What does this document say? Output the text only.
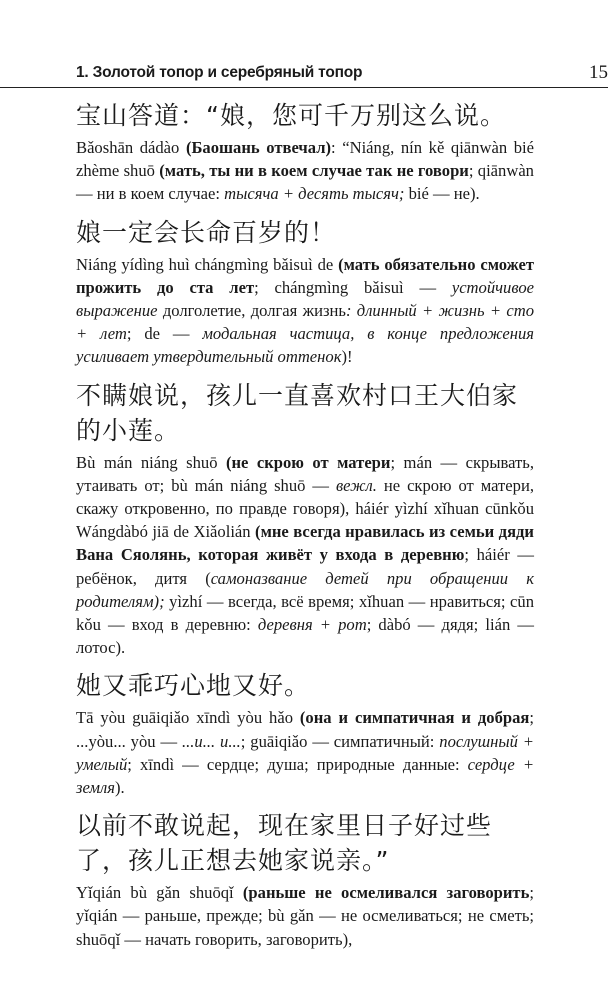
1. Золотой топор и серебряный топор	15

宝山答道：“娘，您可千万别这么说。

Bǎoshān dádào (Баошань отвечал): “Niáng, nín kě qiānwàn bié zhème shuō (мать, ты ни в коем случае так не говори; qiānwàn — ни в коем случае: тысяча + десять тысяч; bié — не).

娘一定会长命百岁的！

Niáng yídìng huì chángmìng bǎisuì de (мать обязательно сможет прожить до ста лет; chángmìng bǎisuì — устойчивое выражение долголетие, долгая жизнь: длинный + жизнь + сто + лет; de — модальная частица, в конце предложения усиливает утвердительный оттенок)!

不瞒娘说，孩儿一直喜欢村口王大伯家的小莲。

Bù mán niáng shuō (не скрою от матери; mán — скрывать, утаивать от; bù mán niáng shuō — вежл. не скрою от матери, скажу откровенно, по правде говоря), háiér yìzhí xǐhuan cūnkǒu Wángdàbó jiā de Xiǎolián (мне всегда нравилась из семьи дяди Вана Сяолянь, которая живёт у входа в деревню; háiér — ребёнок, дитя (самоназвание детей при обращении к родителям); yìzhí — всегда, всё время; xǐhuan — нравиться; cūn kǒu — вход в деревню: деревня + рот; dàbó — дядя; lián — лотос).

她又乖巧心地又好。

Tā yòu guāiqiǎo xīndì yòu hǎo (она и симпатичная и добрая; ...yòu... yòu — ...и... и...; guāiqiǎo — симпатичный: послушный + умелый; xīndì — сердце; душа; природные данные: сердце + земля).

以前不敢说起，现在家里日子好过些了，孩儿正想去她家说亲。”

Yǐqián bù gǎn shuōqǐ (раньше не осмеливался заговорить; yǐqián — раньше, прежде; bù gǎn — не осмеливаться; не сметь; shuōqǐ — начать говорить, заговорить),
